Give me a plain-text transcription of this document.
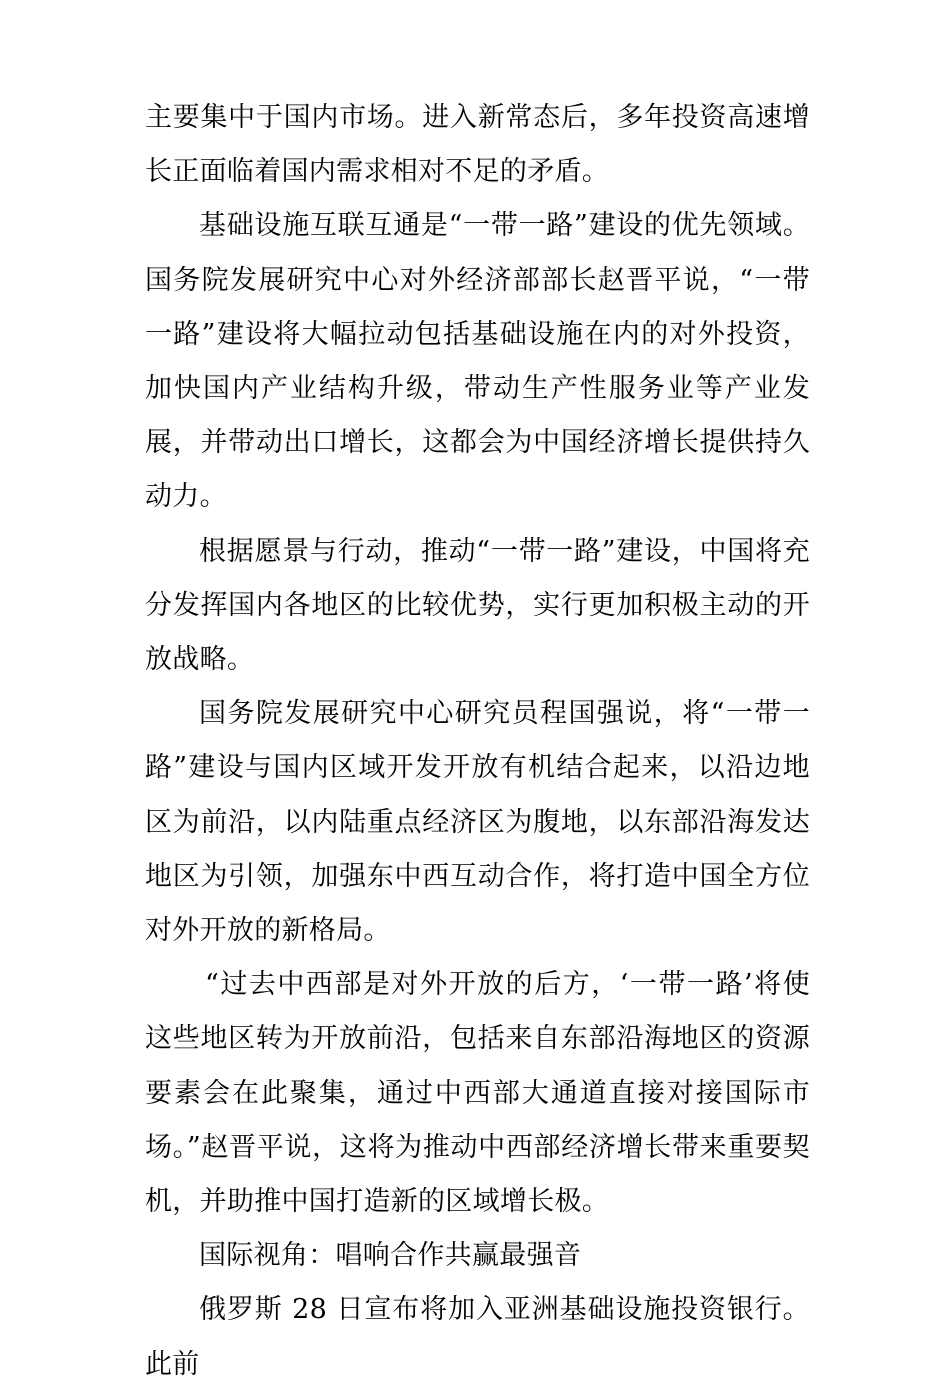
主要集中于国内市场。进入新常态后，多年投资高速增长正面临着国内需求相对不足的矛盾。

基础设施互联互通是“一带一路”建设的优先领域。国务院发展研究中心对外经济部部长赵晋平说，“一带一路”建设将大幅拉动包括基础设施在内的对外投资，加快国内产业结构升级，带动生产性服务业等产业发展，并带动出口增长，这都会为中国经济增长提供持久动力。

根据愿景与行动，推动“一带一路”建设，中国将充分发挥国内各地区的比较优势，实行更加积极主动的开放战略。

国务院发展研究中心研究员程国强说，将“一带一路”建设与国内区域开发开放有机结合起来，以沿边地区为前沿，以内陆重点经济区为腹地，以东部沿海发达地区为引领，加强东中西互动合作，将打造中国全方位对外开放的新格局。

“过去中西部是对外开放的后方，‘一带一路’将使这些地区转为开放前沿，包括来自东部沿海地区的资源要素会在此聚集，通过中西部大通道直接对接国际市场。”赵晋平说，这将为推动中西部经济增长带来重要契机，并助推中国打造新的区域增长极。

国际视角：唱响合作共赢最强音

俄罗斯 28 日宣布将加入亚洲基础设施投资银行。此前
